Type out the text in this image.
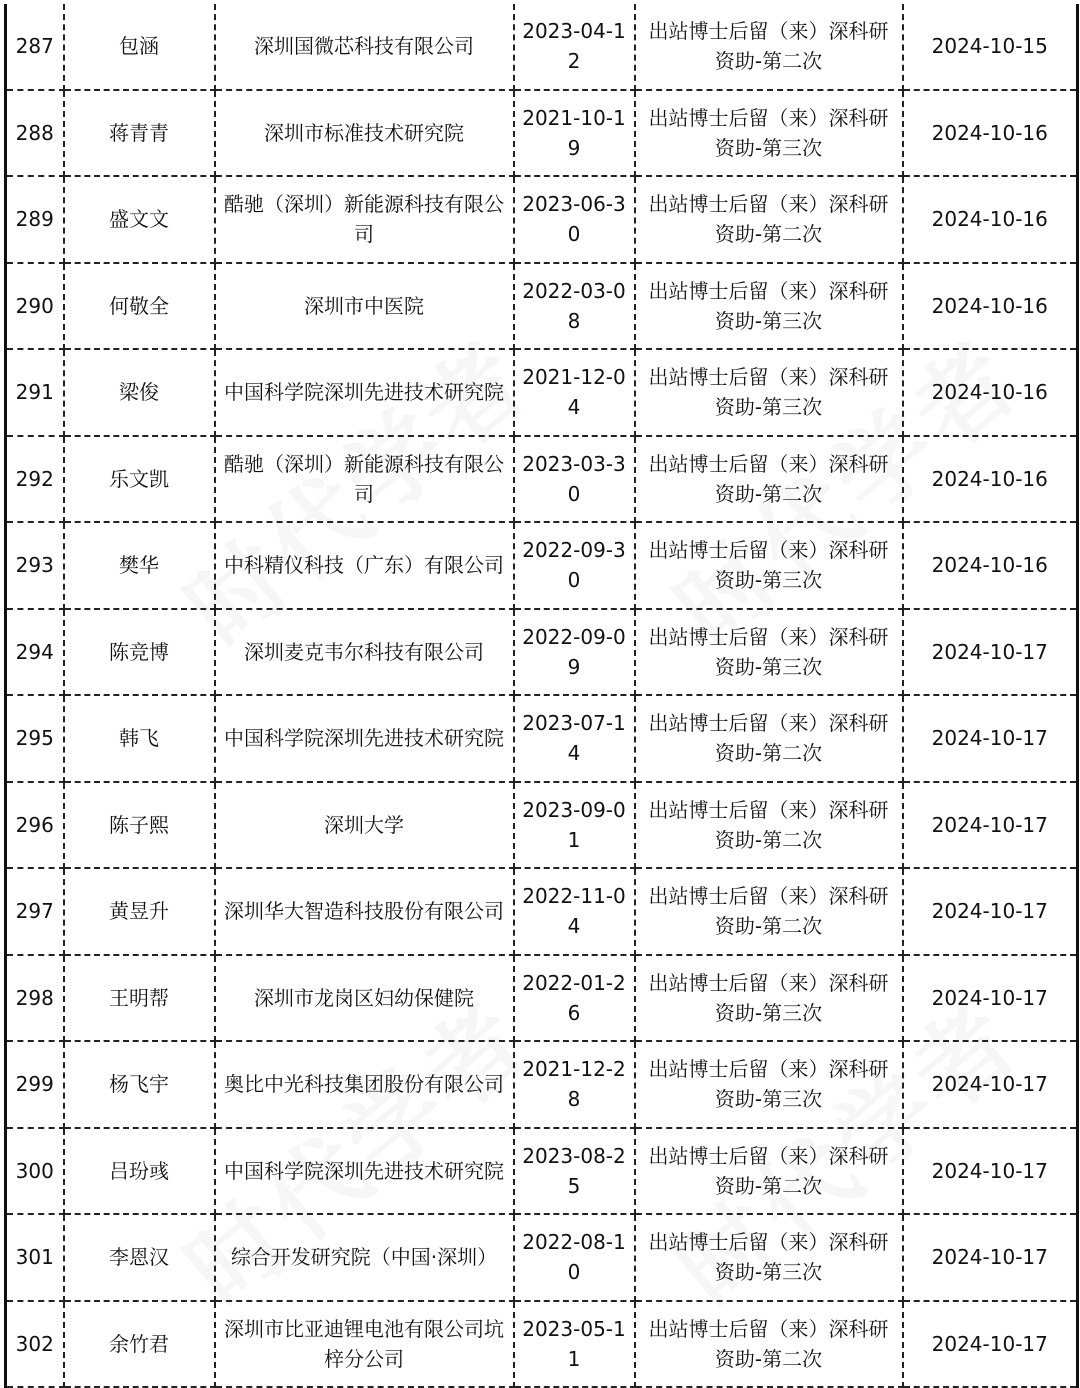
287	包涵	深圳国微芯科技有限公司	2023-04-12	出站博士后留（来）深科研资助-第二次	2024-10-15
288	蒋青青	深圳市标准技术研究院	2021-10-19	出站博士后留（来）深科研资助-第三次	2024-10-16
289	盛文文	酷驰（深圳）新能源科技有限公司	2023-06-30	出站博士后留（来）深科研资助-第二次	2024-10-16
290	何敬全	深圳市中医院	2022-03-08	出站博士后留（来）深科研资助-第三次	2024-10-16
291	梁俊	中国科学院深圳先进技术研究院	2021-12-04	出站博士后留（来）深科研资助-第三次	2024-10-16
292	乐文凯	酷驰（深圳）新能源科技有限公司	2023-03-30	出站博士后留（来）深科研资助-第二次	2024-10-16
293	樊华	中科精仪科技（广东）有限公司	2022-09-30	出站博士后留（来）深科研资助-第三次	2024-10-16
294	陈竞博	深圳麦克韦尔科技有限公司	2022-09-09	出站博士后留（来）深科研资助-第三次	2024-10-17
295	韩飞	中国科学院深圳先进技术研究院	2023-07-14	出站博士后留（来）深科研资助-第二次	2024-10-17
296	陈子熙	深圳大学	2023-09-01	出站博士后留（来）深科研资助-第二次	2024-10-17
297	黄昱升	深圳华大智造科技股份有限公司	2022-11-04	出站博士后留（来）深科研资助-第二次	2024-10-17
298	王明帮	深圳市龙岗区妇幼保健院	2022-01-26	出站博士后留（来）深科研资助-第三次	2024-10-17
299	杨飞宇	奥比中光科技集团股份有限公司	2021-12-28	出站博士后留（来）深科研资助-第三次	2024-10-17
300	吕玢彧	中国科学院深圳先进技术研究院	2023-08-25	出站博士后留（来）深科研资助-第二次	2024-10-17
301	李恩汉	综合开发研究院（中国·深圳）	2022-08-10	出站博士后留（来）深科研资助-第三次	2024-10-17
302	余竹君	深圳市比亚迪锂电池有限公司坑梓分公司	2023-05-11	出站博士后留（来）深科研资助-第二次	2024-10-17
